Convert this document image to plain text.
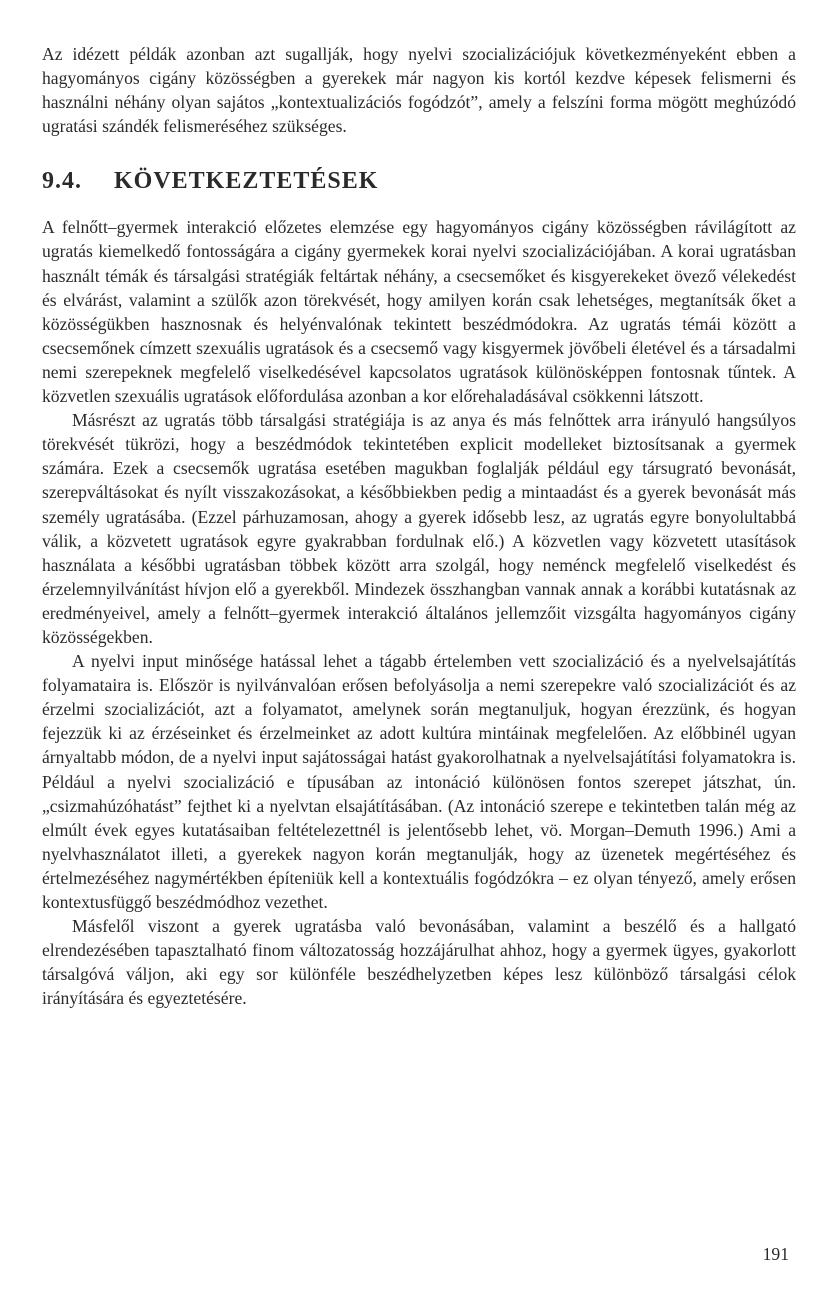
Az idézett példák azonban azt sugallják, hogy nyelvi szocializációjuk következményeként ebben a hagyományos cigány közösségben a gyerekek már nagyon kis kortól kezdve képesek felismerni és használni néhány olyan sajátos „kontextualizációs fogódzót”, amely a felszíni forma mögött meghúzódó ugratási szándék felismeréséhez szükséges.

9.4.	KÖVETKEZTETÉSEK

A felnőtt–gyermek interakció előzetes elemzése egy hagyományos cigány közösségben rávilágított az ugratás kiemelkedő fontosságára a cigány gyermekek korai nyelvi szocializációjában. A korai ugratásban használt témák és társalgási stratégiák feltártak néhány, a csecsemőket és kisgyerekeket övező vélekedést és elvárást, valamint a szülők azon törekvését, hogy amilyen korán csak lehetséges, megtanítsák őket a közösségükben hasznosnak és helyénvalónak tekintett beszédmódokra. Az ugratás témái között a csecsemőnek címzett szexuális ugratások és a csecsemő vagy kisgyermek jövőbeli életével és a társadalmi nemi szerepeknek megfelelő viselkedésével kapcsolatos ugratások különösképpen fontosnak tűntek. A közvetlen szexuális ugratások előfordulása azonban a kor előrehaladásával csökkenni látszott.

Másrészt az ugratás több társalgási stratégiája is az anya és más felnőttek arra irányuló hangsúlyos törekvését tükrözi, hogy a beszédmódok tekintetében explicit modelleket biztosítsanak a gyermek számára. Ezek a csecsemők ugratása esetében magukban foglalják például egy társugrató bevonását, szerepváltásokat és nyílt visszakozásokat, a későbbiekben pedig a mintaadást és a gyerek bevonását más személy ugratásába. (Ezzel párhuzamosan, ahogy a gyerek idősebb lesz, az ugratás egyre bonyolultabbá válik, a közvetett ugratások egyre gyakrabban fordulnak elő.) A közvetlen vagy közvetett utasítások használata a későbbi ugratásban többek között arra szolgál, hogy neménck megfelelő viselkedést és érzelemnyilvánítást hívjon elő a gyerekből. Mindezek összhangban vannak annak a korábbi kutatásnak az eredményeivel, amely a felnőtt–gyermek interakció általános jellemzőit vizsgálta hagyományos cigány közösségekben.

A nyelvi input minősége hatással lehet a tágabb értelemben vett szocializáció és a nyelvelsajátítás folyamataira is. Először is nyilvánvalóan erősen befolyásolja a nemi szerepekre való szocializációt és az érzelmi szocializációt, azt a folyamatot, amelynek során megtanuljuk, hogyan érezzünk, és hogyan fejezzük ki az érzéseinket és érzelmeinket az adott kultúra mintáinak megfelelően. Az előbbinél ugyan árnyaltabb módon, de a nyelvi input sajátosságai hatást gyakorolhatnak a nyelvelsajátítási folyamatokra is. Például a nyelvi szocializáció e típusában az intonáció különösen fontos szerepet játszhat, ún. „csizmahúzóhatást” fejthet ki a nyelvtan elsajátításában. (Az intonáció szerepe e tekintetben talán még az elmúlt évek egyes kutatásaiban feltételezettnél is jelentősebb lehet, vö. Morgan–Demuth 1996.) Ami a nyelvhasználatot illeti, a gyerekek nagyon korán megtanulják, hogy az üzenetek megértéséhez és értelmezéséhez nagymértékben építeniük kell a kontextuális fogódzókra – ez olyan tényező, amely erősen kontextusfüggő beszédmódhoz vezethet.

Másfelől viszont a gyerek ugratásba való bevonásában, valamint a beszélő és a hallgató elrendezésében tapasztalható finom változatosság hozzájárulhat ahhoz, hogy a gyermek ügyes, gyakorlott társalgóvá váljon, aki egy sor különféle beszédhelyzetben képes lesz különböző társalgási célok irányítására és egyeztetésére.

191
